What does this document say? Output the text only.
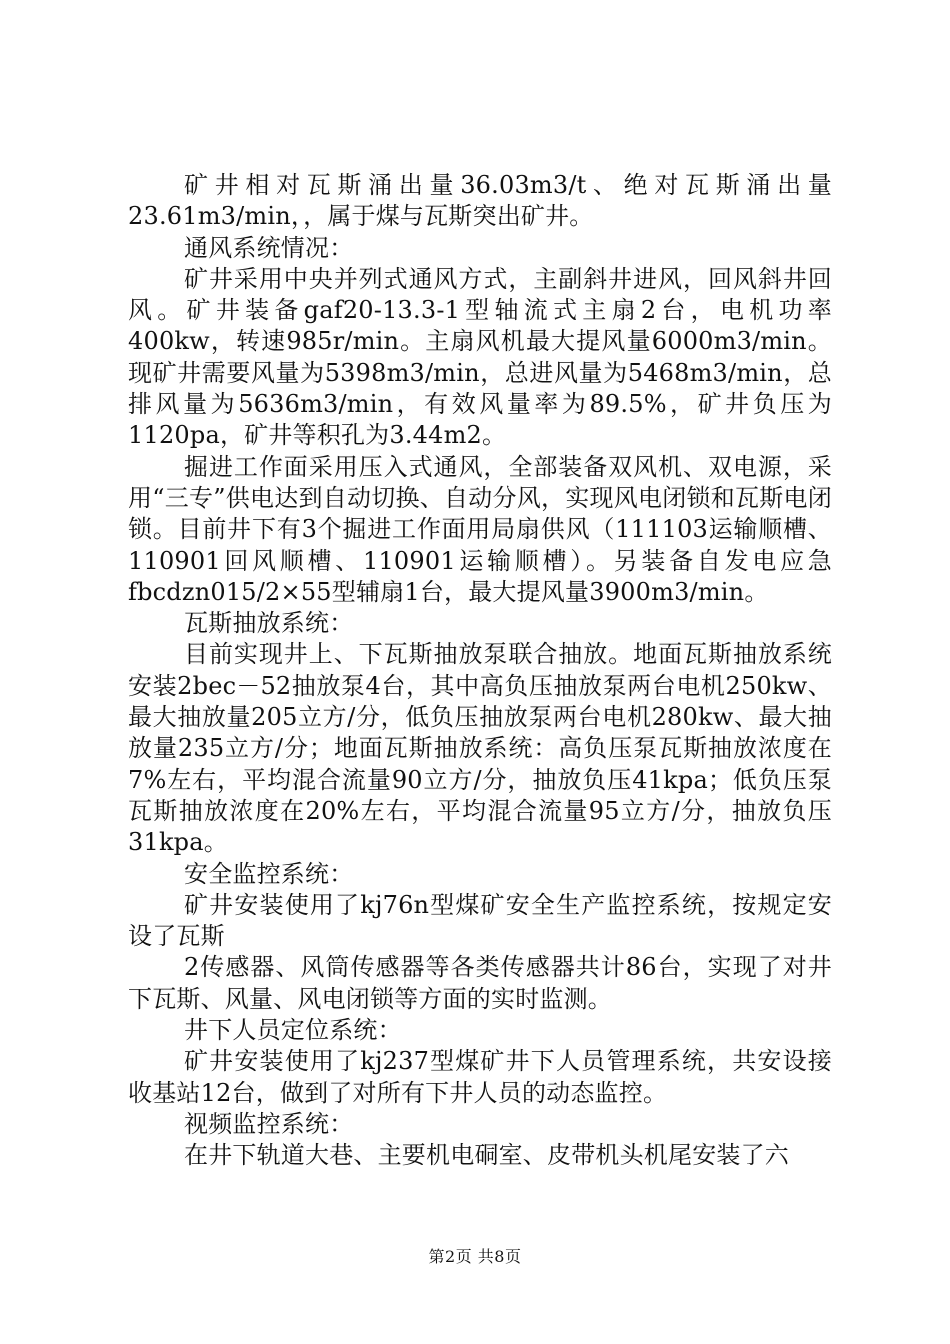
矿井相对瓦斯涌出量36.03m3/t、绝对瓦斯涌出量23.61m3/min，，属于煤与瓦斯突出矿井。

通风系统情况：

矿井采用中央并列式通风方式，主副斜井进风，回风斜井回风。矿井装备gaf20-13.3-1型轴流式主扇2台，电机功率400kw，转速985r/min。主扇风机最大提风量6000m3/min。现矿井需要风量为5398m3/min，总进风量为5468m3/min，总排风量为5636m3/min，有效风量率为89.5%，矿井负压为1120pa，矿井等积孔为3.44m2。

掘进工作面采用压入式通风，全部装备双风机、双电源，采用“三专”供电达到自动切换、自动分风，实现风电闭锁和瓦斯电闭锁。目前井下有3个掘进工作面用局扇供风（111103运输顺槽、110901回风顺槽、110901运输顺槽）。另装备自发电应急fbcdzn015/2×55型辅扇1台，最大提风量3900m3/min。

瓦斯抽放系统：

目前实现井上、下瓦斯抽放泵联合抽放。地面瓦斯抽放系统安装2bec－52抽放泵4台，其中高负压抽放泵两台电机250kw、最大抽放量205立方/分，低负压抽放泵两台电机280kw、最大抽放量235立方/分；地面瓦斯抽放系统：高负压泵瓦斯抽放浓度在7%左右，平均混合流量90立方/分，抽放负压41kpa；低负压泵瓦斯抽放浓度在20%左右，平均混合流量95立方/分，抽放负压31kpa。

安全监控系统：

矿井安装使用了kj76n型煤矿安全生产监控系统，按规定安设了瓦斯

2传感器、风筒传感器等各类传感器共计86台，实现了对井下瓦斯、风量、风电闭锁等方面的实时监测。

井下人员定位系统：

矿井安装使用了kj237型煤矿井下人员管理系统，共安设接收基站12台，做到了对所有下井人员的动态监控。

视频监控系统：

在井下轨道大巷、主要机电硐室、皮带机头机尾安装了六

第2页 共8页
